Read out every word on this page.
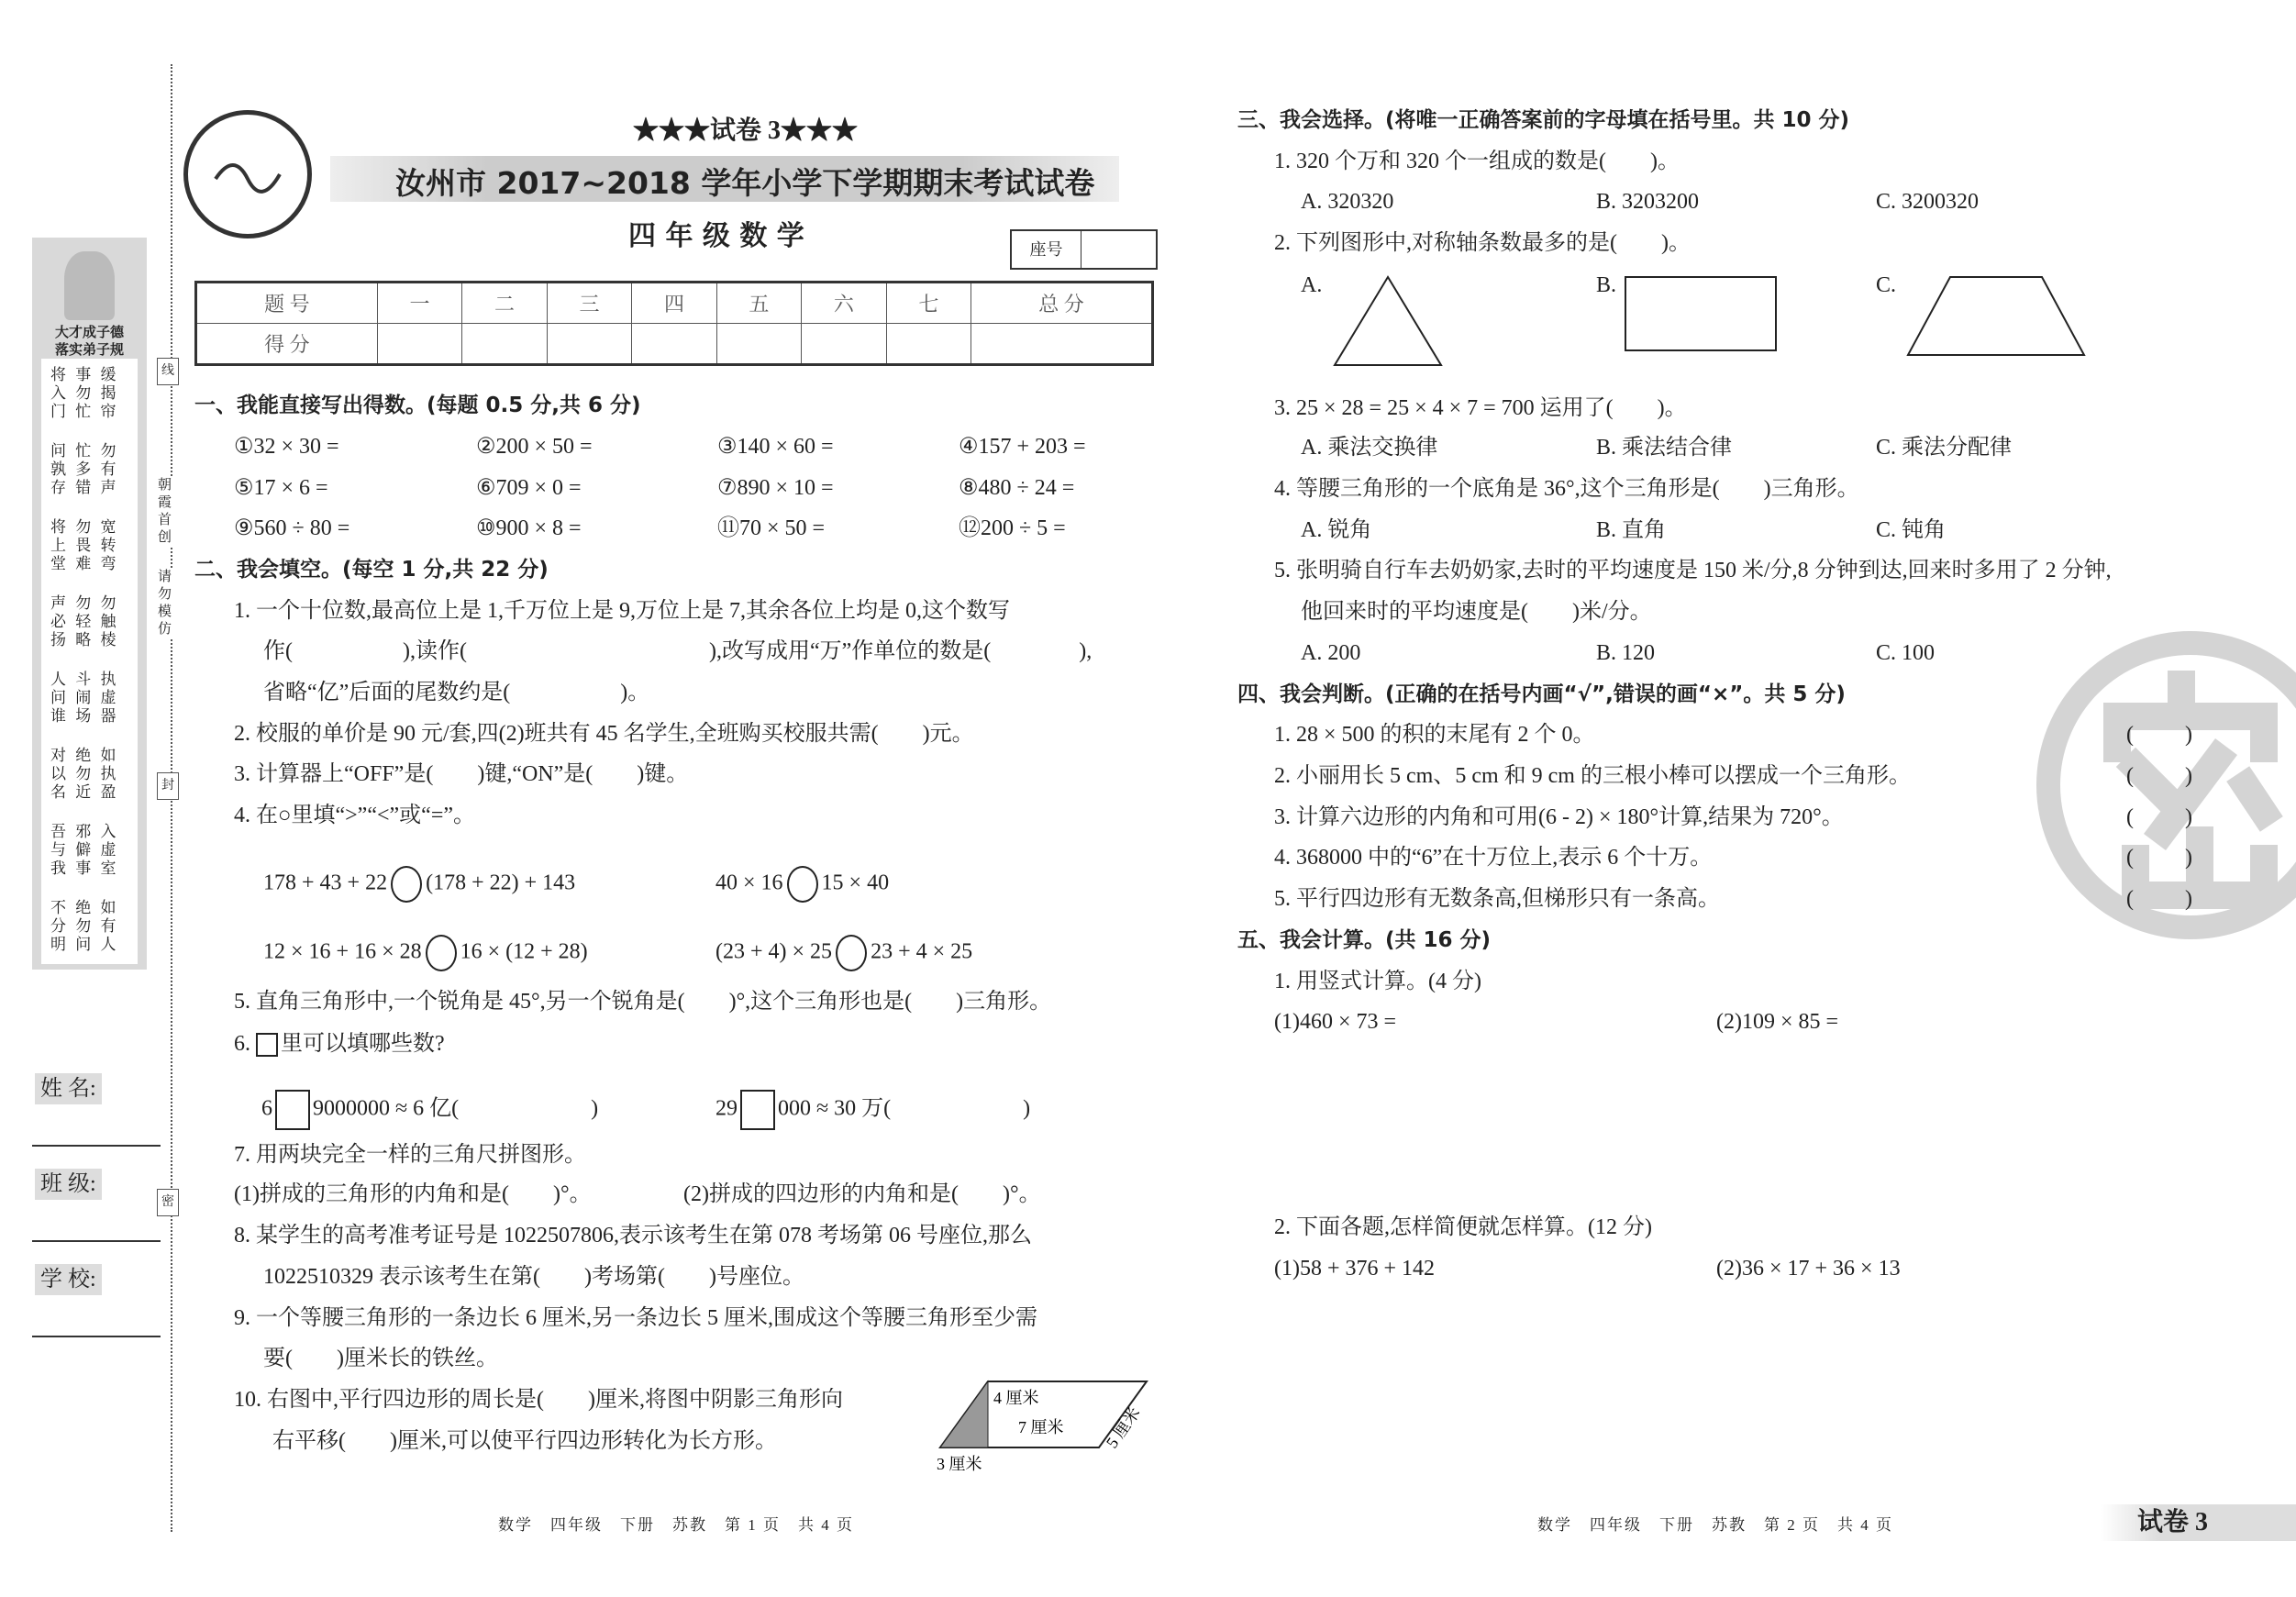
大才成子德
落实弟子规
将 事 缓
入 勿 揭
门 忙 帘
问 忙 勿
孰 多 有
存 错 声
将 勿 宽
上 畏 转
堂 难 弯
声 勿 勿
必 轻 触
扬 略 棱
人 斗 执
问 闹 虚
谁 场 器
对 绝 如
以 勿 执
名 近 盈
吾 邪 入
与 僻 虚
我 事 室
不 绝 如
分 勿 有
明 问 人
线
朝霞首创
请勿模仿
封
密
姓 名:
班 级:
学 校:
★★★试卷 3★★★
汝州市 2017~2018 学年小学下学期期末考试试卷
四 年 级 数 学	座号
题 号	一	二	三	四	五	六	七	总 分
得 分								
一、我能直接写出得数。(每题 0.5 分,共 6 分)
①32 × 30 =	②200 × 50 =	③140 × 60 =	④157 + 203 =
⑤17 × 6 =	⑥709 × 0 =	⑦890 × 10 =	⑧480 ÷ 24 =
⑨560 ÷ 80 =	⑩900 × 8 =	⑪70 × 50 =	⑫200 ÷ 5 =
二、我会填空。(每空 1 分,共 22 分)
1. 一个十位数,最高位上是 1,千万位上是 9,万位上是 7,其余各位上均是 0,这个数写
作(　　　　　),读作(　　　　　　　　　　　),改写成用“万”作单位的数是(　　　　),
省略“亿”后面的尾数约是(　　　　　)。
2. 校服的单价是 90 元/套,四(2)班共有 45 名学生,全班购买校服共需(　　)元。
3. 计算器上“OFF”是(　　)键,“ON”是(　　)键。
4. 在○里填“>”“<”或“=”。
178 + 43 + 22 (178 + 22) + 143	40 × 16 15 × 40
12 × 16 + 16 × 28 16 × (12 + 28)	(23 + 4) × 25 23 + 4 × 25
5. 直角三角形中,一个锐角是 45°,另一个锐角是(　　)°,这个三角形也是(　　)三角形。
6. 里可以填哪些数?
6 9000000 ≈ 6 亿(　　　　　　)	29 000 ≈ 30 万(　　　　　　)
7. 用两块完全一样的三角尺拼图形。
(1)拼成的三角形的内角和是(　　)°。	(2)拼成的四边形的内角和是(　　)°。
8. 某学生的高考准考证号是 1022507806,表示该考生在第 078 考场第 06 号座位,那么
1022510329 表示该考生在第(　　)考场第(　　)号座位。
9. 一个等腰三角形的一条边长 6 厘米,另一条边长 5 厘米,围成这个等腰三角形至少需
要(　　)厘米长的铁丝。
10. 右图中,平行四边形的周长是(　　)厘米,将图中阴影三角形向
右平移(　　)厘米,可以使平行四边形转化为长方形。
4 厘米
7 厘米 5 厘米
3 厘米
数学　四年级　下册　苏教　第 1 页　共 4 页
三、我会选择。(将唯一正确答案前的字母填在括号里。共 10 分)
1. 320 个万和 320 个一组成的数是(　　)。
A. 320320	B. 3203200	C. 3200320
2. 下列图形中,对称轴条数最多的是(　　)。
A.	B.	C.
3. 25 × 28 = 25 × 4 × 7 = 700 运用了(　　)。
A. 乘法交换律	B. 乘法结合律	C. 乘法分配律
4. 等腰三角形的一个底角是 36°,这个三角形是(　　)三角形。
A. 锐角	B. 直角	C. 钝角
5. 张明骑自行车去奶奶家,去时的平均速度是 150 米/分,8 分钟到达,回来时多用了 2 分钟,
他回来时的平均速度是(　　)米/分。
A. 200	B. 120	C. 100
四、我会判断。(正确的在括号内画“√”,错误的画“×”。共 5 分)
1. 28 × 500 的积的末尾有 2 个 0。	( )
2. 小丽用长 5 cm、5 cm 和 9 cm 的三根小棒可以摆成一个三角形。	( )
3. 计算六边形的内角和可用(6 - 2) × 180°计算,结果为 720°。	( )
4. 368000 中的“6”在十万位上,表示 6 个十万。	( )
5. 平行四边形有无数条高,但梯形只有一条高。	( )
五、我会计算。(共 16 分)
1. 用竖式计算。(4 分)
(1)460 × 73 =	(2)109 × 85 =
2. 下面各题,怎样简便就怎样算。(12 分)
(1)58 + 376 + 142	(2)36 × 17 + 36 × 13
数学　四年级　下册　苏教　第 2 页　共 4 页	试卷 3
